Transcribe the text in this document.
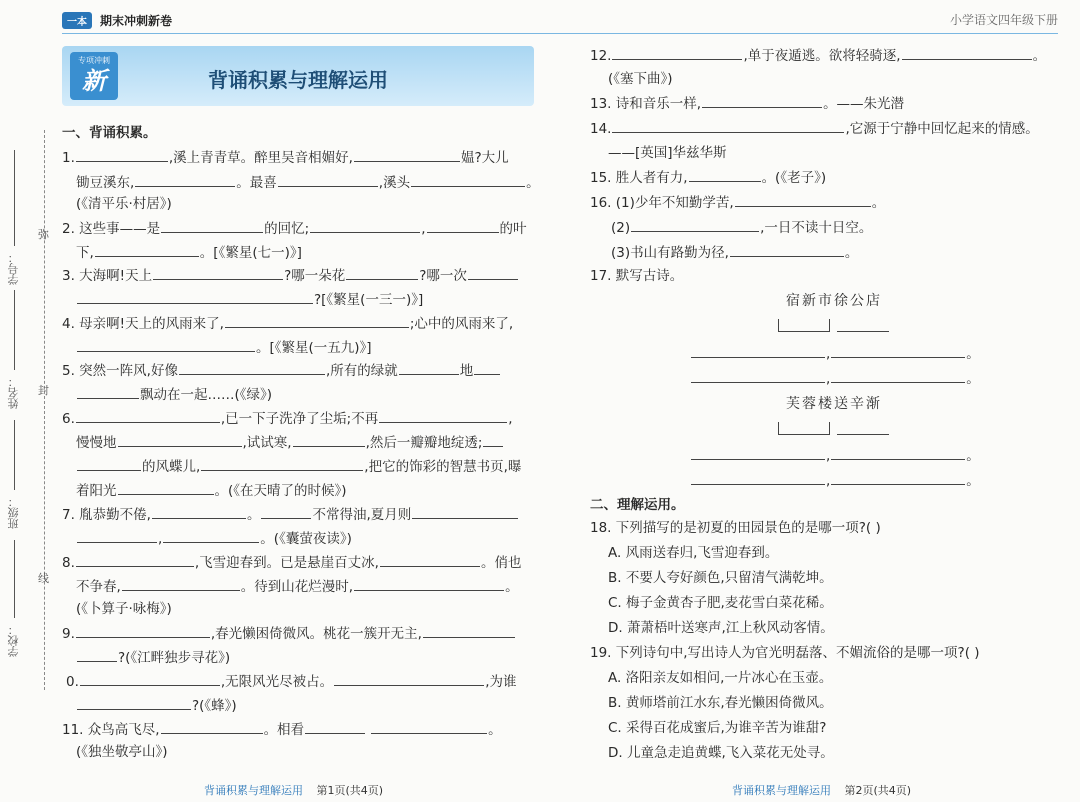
一本	期末冲刺新卷	小学语文四年级下册
专项冲刺
新	背诵积累与理解运用
弥
封
线
学号：
姓名：
班级：
学校：
一、背诵积累。
1.	,溪上青青草。醉里吴音相媚好,	媪?大儿
锄豆溪东,	。最喜	,溪头	。
(《清平乐·村居》)
2. 这些事——是	的回忆;	,	的叶
下,	。[《繁星(七一)》]
3. 大海啊!天上	?哪一朵花	?哪一次
?[《繁星(一三一)》]
4. 母亲啊!天上的风雨来了,	;心中的风雨来了,
。[《繁星(一五九)》]
5. 突然一阵风,好像	,所有的绿就	地
飘动在一起……(《绿》)
6.	,已一下子洗净了尘垢;不再	,
慢慢地	,试试寒,	,然后一瓣瓣地绽透;
的风蝶儿,	,把它的饰彩的智慧书页,曝
着阳光	。(《在天晴了的时候》)
7. 胤恭勤不倦,	。	不常得油,夏月则
,	。(《囊萤夜读》)
8.	,飞雪迎春到。已是悬崖百丈冰,	。俏也
不争春,	。待到山花烂漫时,	。
(《卜算子·咏梅》)
9.	,春光懒困倚微风。桃花一簇开无主,
?(《江畔独步寻花》)
0.	,无限风光尽被占。	,为谁
?(《蜂》)
11. 众鸟高飞尽,	。相看	。
(《独坐敬亭山》)
12.	,单于夜遁逃。欲将轻骑逐,	。
(《塞下曲》)
13. 诗和音乐一样,	。——朱光潜
14.	,它源于宁静中回忆起来的情感。
——[英国]华兹华斯
15. 胜人者有力,	。(《老子》)
16. (1)少年不知勤学苦,	。
(2)	,一日不读十日空。
(3)书山有路勤为径,	。
17. 默写古诗。
宿新市徐公店
,	。
,	。
芙蓉楼送辛渐
,	。
,	。
二、理解运用。
18. 下列描写的是初夏的田园景色的是哪一项?( )
A. 风雨送春归,飞雪迎春到。
B. 不要人夸好颜色,只留清气满乾坤。
C. 梅子金黄杏子肥,麦花雪白菜花稀。
D. 萧萧梧叶送寒声,江上秋风动客情。
19. 下列诗句中,写出诗人为官光明磊落、不媚流俗的是哪一项?( )
A. 洛阳亲友如相问,一片冰心在玉壶。
B. 黄师塔前江水东,春光懒困倚微风。
C. 采得百花成蜜后,为谁辛苦为谁甜?
D. 儿童急走追黄蝶,飞入菜花无处寻。
背诵积累与理解运用 第1页(共4页)	背诵积累与理解运用 第2页(共4页)
